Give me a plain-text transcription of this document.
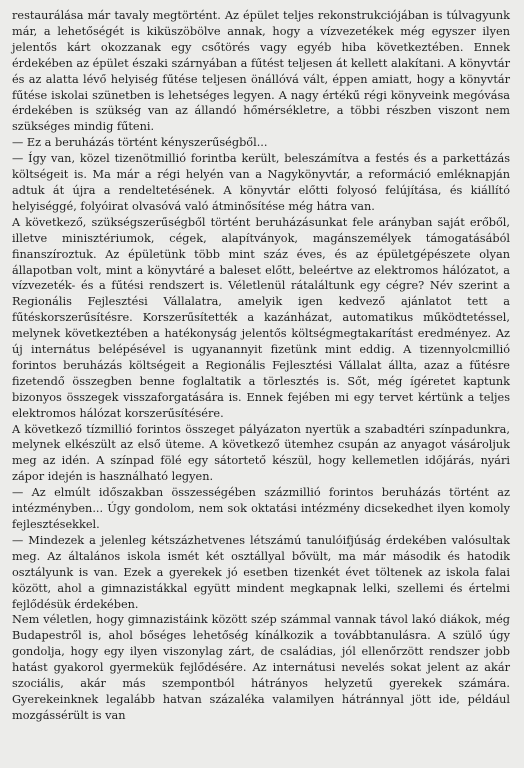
restaurálása már tavaly megtörtént. Az épület teljes rekonstrukciójában is túlvagyunk már, a lehetőségét is kiküszöbölve annak, hogy a vízvezetékek még egyszer ilyen jelentős kárt okozzanak egy csőtörés vagy egyéb hiba következtében. Ennek érdekében az épület északi szárnyában a fűtést teljesen át kellett alakítani. A könyvtár és az alatta lévő helyiség fűtése teljesen önállóvá vált, éppen amiatt, hogy a könyvtár fűtése iskolai szünetben is lehetséges legyen. A nagy értékű régi könyveink megóvása érdekében is szükség van az állandó hőmérsékletre, a többi részben viszont nem szükséges mindig fűteni.

— Ez a beruházás történt kényszerűségből...

— Így van, közel tizenötmillió forintba került, beleszámítva a festés és a parkettázás költségeit is. Ma már a régi helyén van a Nagykönyvtár, a reformáció emléknapján adtuk át újra a rendeltetésének. A könyvtár előtti folyosó felújítása, és kiállító helyiséggé, folyóirat olvasóvá való átminősítése még hátra van.

A következő, szükségszerűségből történt beruházásunkat fele arányban saját erőből, illetve minisztériumok, cégek, alapítványok, magánszemélyek támogatásából finanszíroztuk. Az épületünk több mint száz éves, és az épületgépészete olyan állapotban volt, mint a könyvtáré a baleset előtt, beleértve az elektromos hálózatot, a vízvezeték- és a fűtési rendszert is. Véletlenül rátaláltunk egy cégre? Név szerint a Regionális Fejlesztési Vállalatra, amelyik igen kedvező ajánlatot tett a fűtéskorszerűsítésre. Korszerűsítették a kazánházat, automatikus működtetéssel, melynek következtében a hatékonyság jelentős költségmegtakarítást eredményez. Az új internátus belépésével is ugyanannyit fizetünk mint eddig. A tizennyolcmillió forintos beruházás költségeit a Regionális Fejlesztési Vállalat állta, azaz a fűtésre fizetendő összegben benne foglaltatik a törlesztés is. Sőt, még ígéretet kaptunk bizonyos összegek visszaforgatására is. Ennek fejében mi egy tervet kértünk a teljes elektromos hálózat korszerűsítésére.

A következő tízmillió forintos összeget pályázaton nyertük a szabadtéri színpadunkra, melynek elkészült az első üteme. A következő ütemhez csupán az anyagot vásároljuk meg az idén. A színpad fölé egy sátortető készül, hogy kellemetlen időjárás, nyári zápor idején is használható legyen.

— Az elmúlt időszakban összességében százmillió forintos beruházás történt az intézményben... Úgy gondolom, nem sok oktatási intézmény dicsekedhet ilyen komoly fejlesztésekkel.

— Mindezek a jelenleg kétszázhetvenes létszámú tanulóifjúság érdekében valósultak meg. Az általános iskola ismét két osztállyal bővült, ma már második és hatodik osztályunk is van. Ezek a gyerekek jó esetben tizenkét évet töltenek az iskola falai között, ahol a gimnazistákkal együtt mindent megkapnak lelki, szellemi és értelmi fejlődésük érdekében.

Nem véletlen, hogy gimnazistáink között szép számmal vannak távol lakó diákok, még Budapestről is, ahol bőséges lehetőség kínálkozik a továbbtanulásra. A szülő úgy gondolja, hogy egy ilyen viszonylag zárt, de családias, jól ellenőrzött rendszer jobb hatást gyakorol gyermekük fejlődésére. Az internátusi nevelés sokat jelent az akár szociális, akár más szempontból hátrányos helyzetű gyerekek számára. Gyerekeinknek legalább hatvan százaléka valamilyen hátránnyal jött ide, például mozgássérült is van
